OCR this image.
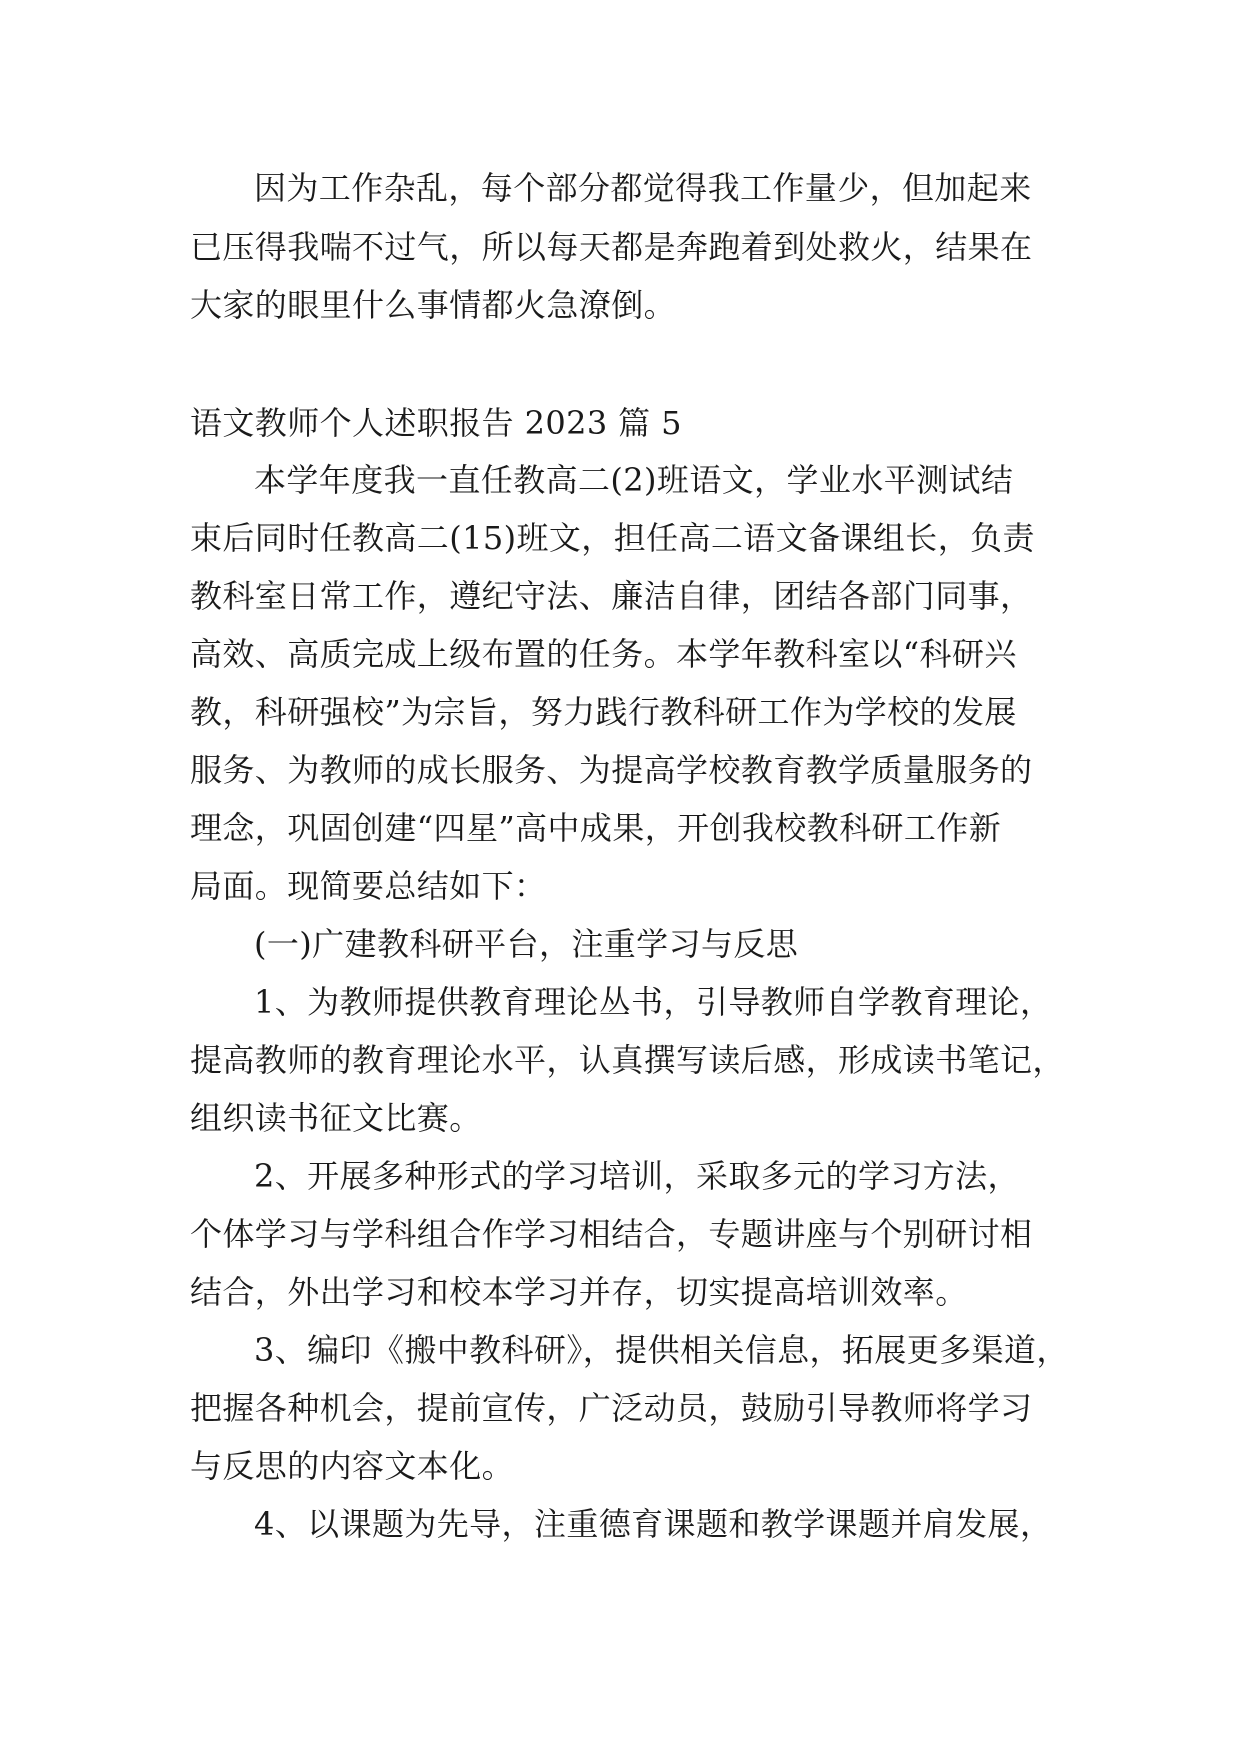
因为工作杂乱，每个部分都觉得我工作量少，但加起来

已压得我喘不过气，所以每天都是奔跑着到处救火，结果在

大家的眼里什么事情都火急潦倒。

语文教师个人述职报告 2023 篇 5

本学年度我一直任教高二(2)班语文，学业水平测试结

束后同时任教高二(15)班文，担任高二语文备课组长，负责

教科室日常工作，遵纪守法、廉洁自律，团结各部门同事，

高效、高质完成上级布置的任务。本学年教科室以“科研兴

教，科研强校”为宗旨，努力践行教科研工作为学校的发展

服务、为教师的成长服务、为提高学校教育教学质量服务的

理念，巩固创建“四星”高中成果，开创我校教科研工作新

局面。现简要总结如下：

(一)广建教科研平台，注重学习与反思

1、为教师提供教育理论丛书，引导教师自学教育理论，

提高教师的教育理论水平，认真撰写读后感，形成读书笔记，

组织读书征文比赛。

2、开展多种形式的学习培训，采取多元的学习方法，

个体学习与学科组合作学习相结合，专题讲座与个别研讨相

结合，外出学习和校本学习并存，切实提高培训效率。

3、编印《搬中教科研》，提供相关信息，拓展更多渠道，

把握各种机会，提前宣传，广泛动员，鼓励引导教师将学习

与反思的内容文本化。

4、以课题为先导，注重德育课题和教学课题并肩发展，
